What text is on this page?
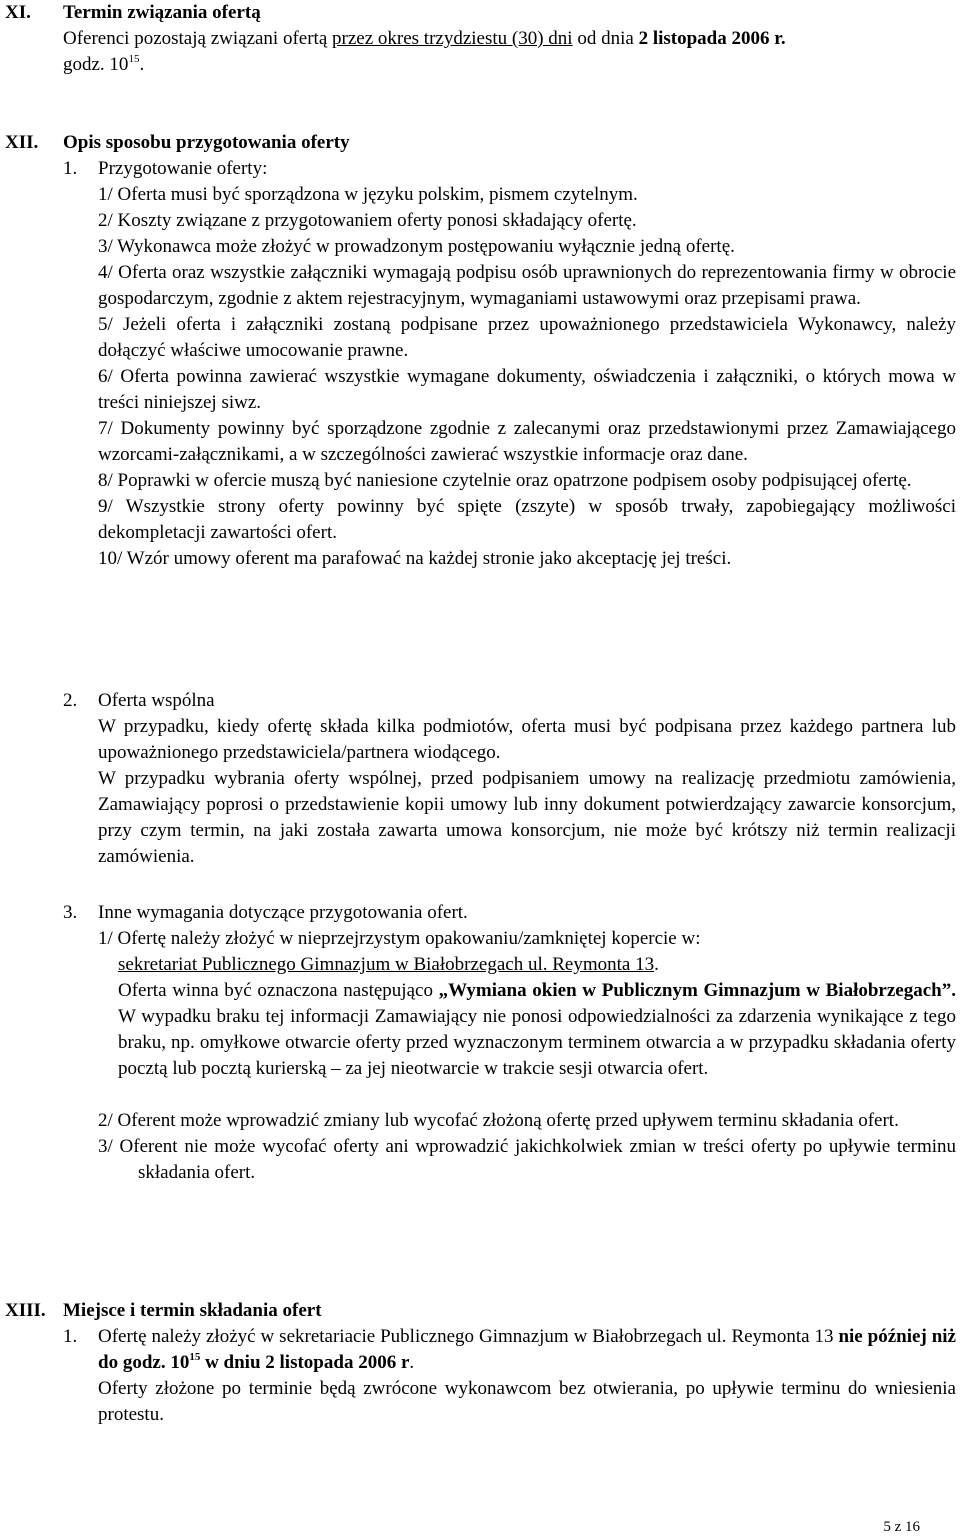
XI. Termin związania ofertą
Oferenci pozostają związani ofertą przez okres trzydziestu (30) dni od dnia 2 listopada 2006 r.
godz. $10^{15}$.
XII. Opis sposobu przygotowania oferty
1. Przygotowanie oferty:

1/ Oferta musi być sporządzona w języku polskim, pismem czytelnym.

2/ Koszty związane z przygotowaniem oferty ponosi składający ofertę.

3/ Wykonawca może złożyć w prowadzonym postępowaniu wyłącznie jedną ofertę.

4/ Oferta oraz wszystkie załączniki wymagają podpisu osób uprawnionych do reprezentowania firmy w obrocie gospodarczym, zgodnie z aktem rejestracyjnym, wymaganiami ustawowymi oraz przepisami prawa.

5/ Jeżeli oferta i załączniki zostaną podpisane przez upoważnionego przedstawiciela Wykonawcy, należy dołączyć właściwe umocowanie prawne.

6/ Oferta powinna zawierać wszystkie wymagane dokumenty, oświadczenia i załączniki, o których mowa w treści niniejszej siwz.

7/ Dokumenty powinny być sporządzone zgodnie z zalecanymi oraz przedstawionymi przez Zamawiającego wzorcami-załącznikami, a w szczególności zawierać wszystkie informacje oraz dane.

8/ Poprawki w ofercie muszą być naniesione czytelnie oraz opatrzone podpisem osoby podpisującej ofertę.

9/ Wszystkie strony oferty powinny być spięte (zszyte) w sposób trwały, zapobiegający możliwości dekompletacji zawartości ofert.

10/ Wzór umowy oferent ma parafować na każdej stronie jako akceptację jej treści.

2. Oferta wspólna

W przypadku, kiedy ofertę składa kilka podmiotów, oferta musi być podpisana przez każdego partnera lub upoważnionego przedstawiciela/partnera wiodącego.

W przypadku wybrania oferty wspólnej, przed podpisaniem umowy na realizację przedmiotu zamówienia, Zamawiający poprosi o przedstawienie kopii umowy lub inny dokument potwierdzający zawarcie konsorcjum, przy czym termin, na jaki została zawarta umowa konsorcjum, nie może być krótszy niż termin realizacji zamówienia.

3. Inne wymagania dotyczące przygotowania ofert.

1/ Ofertę należy złożyć w nieprzejrzystym opakowaniu/zamkniętej kopercie w:

sekretariat Publicznego Gimnazjum w Białobrzegach ul. Reymonta 13.

Oferta winna być oznaczona następująco „Wymiana okien w Publicznym Gimnazjum w Białobrzegach”. W wypadku braku tej informacji Zamawiający nie ponosi odpowiedzialności za zdarzenia wynikające z tego braku, np. omyłkowe otwarcie oferty przed wyznaczonym terminem otwarcia a w przypadku składania oferty pocztą lub pocztą kurierską – za jej nieotwarcie w trakcie sesji otwarcia ofert.

2/ Oferent może wprowadzić zmiany lub wycofać złożoną ofertę przed upływem terminu składania ofert.

3/ Oferent nie może wycofać oferty ani wprowadzić jakichkolwiek zmian w treści oferty po upływie terminu składania ofert.

XIII. Miejsce i termin składania ofert
1. Ofertę należy złożyć w sekretariacie Publicznego Gimnazjum w Białobrzegach ul. Reymonta 13 nie później niż do godz. $10^{15}$ w dniu 2 listopada 2006 r.

Oferty złożone po terminie będą zwrócone wykonawcom bez otwierania, po upływie terminu do wniesienia protestu.

5 z 16
